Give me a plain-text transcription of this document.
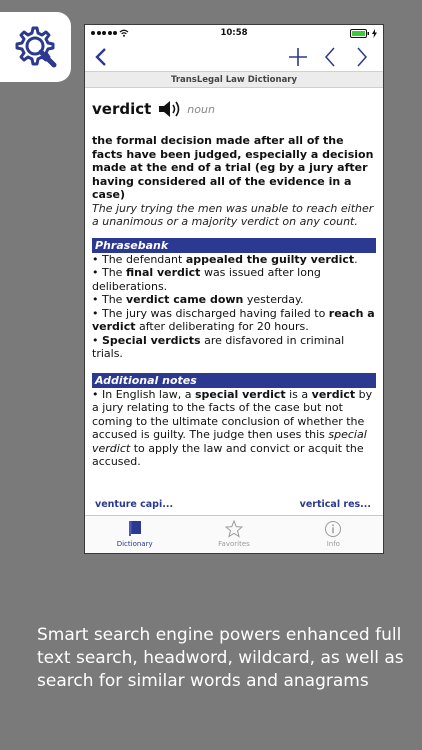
10:58
TransLegal Law Dictionary
verdict	noun
the formal decision made after all of the facts have been judged, especially a decision made at the end of a trial (eg by a jury after having considered all of the evidence in a case)
The jury trying the men was unable to reach either a unanimous or a majority verdict on any count.
Phrasebank
• The defendant appealed the guilty verdict.
• The final verdict was issued after long deliberations.
• The verdict came down yesterday.
• The jury was discharged having failed to reach a verdict after deliberating for 20 hours.
• Special verdicts are disfavored in criminal trials.
Additional notes
• In English law, a special verdict is a verdict by a jury relating to the facts of the case but not coming to the ultimate conclusion of whether the accused is guilty. The judge then uses this special verdict to apply the law and convict or acquit the accused.
venture capi...	vertical res...
Dictionary	Favorites	Info
Smart search engine powers enhanced full text search, headword, wildcard, as well as search for similar words and anagrams
